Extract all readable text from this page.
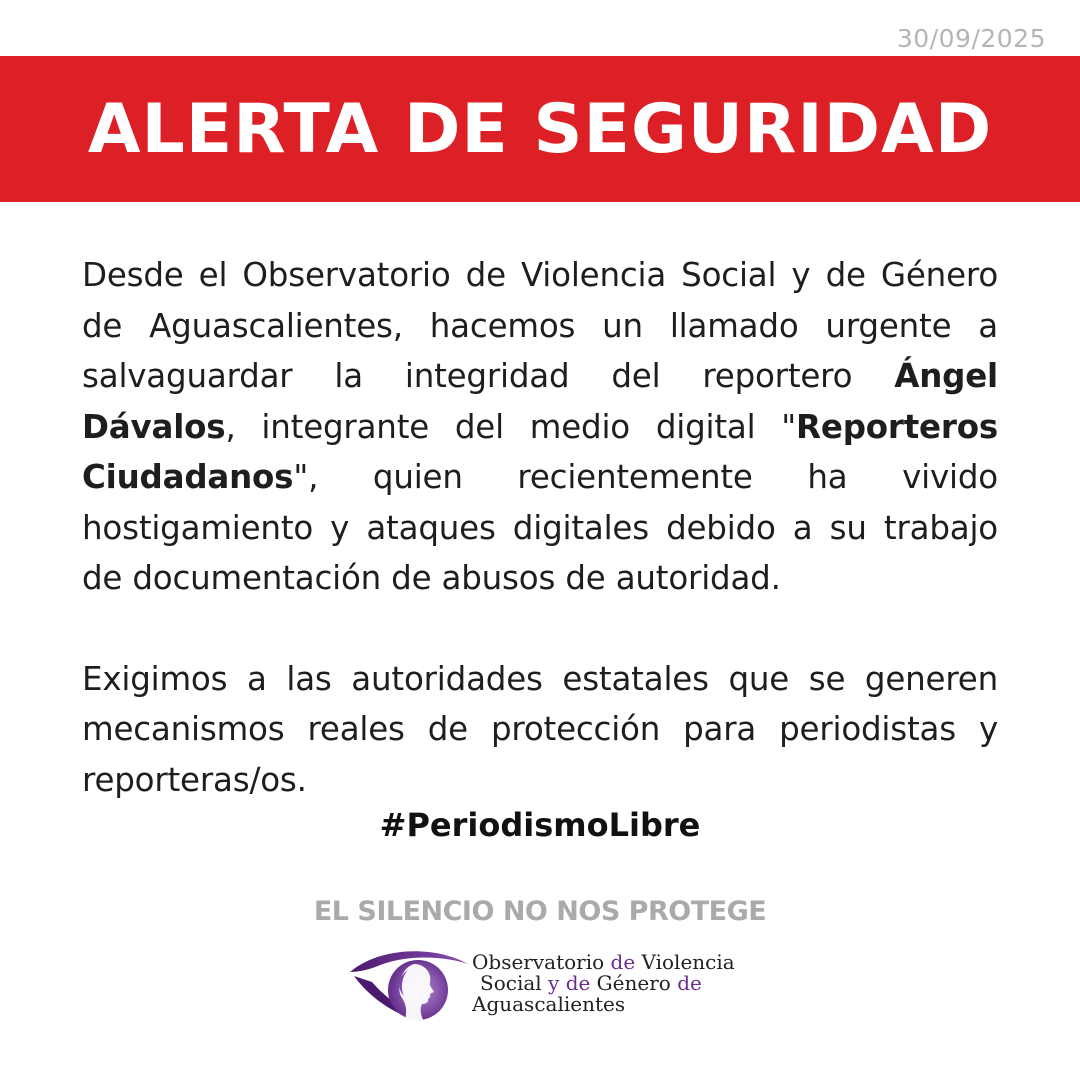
30/09/2025
ALERTA DE SEGURIDAD

Desde el Observatorio de Violencia Social y de Género de Aguascalientes, hacemos un llamado urgente a salvaguardar la integridad del reportero Ángel Dávalos, integrante del medio digital "Reporteros Ciudadanos", quien recientemente ha vivido hostigamiento y ataques digitales debido a su trabajo de documentación de abusos de autoridad.

Exigimos a las autoridades estatales que se generen mecanismos reales de protección para periodistas y reporteras/os.

#PeriodismoLibre
EL SILENCIO NO NOS PROTEGE
Observatorio de Violencia
Social y de Género de
Aguascalientes
